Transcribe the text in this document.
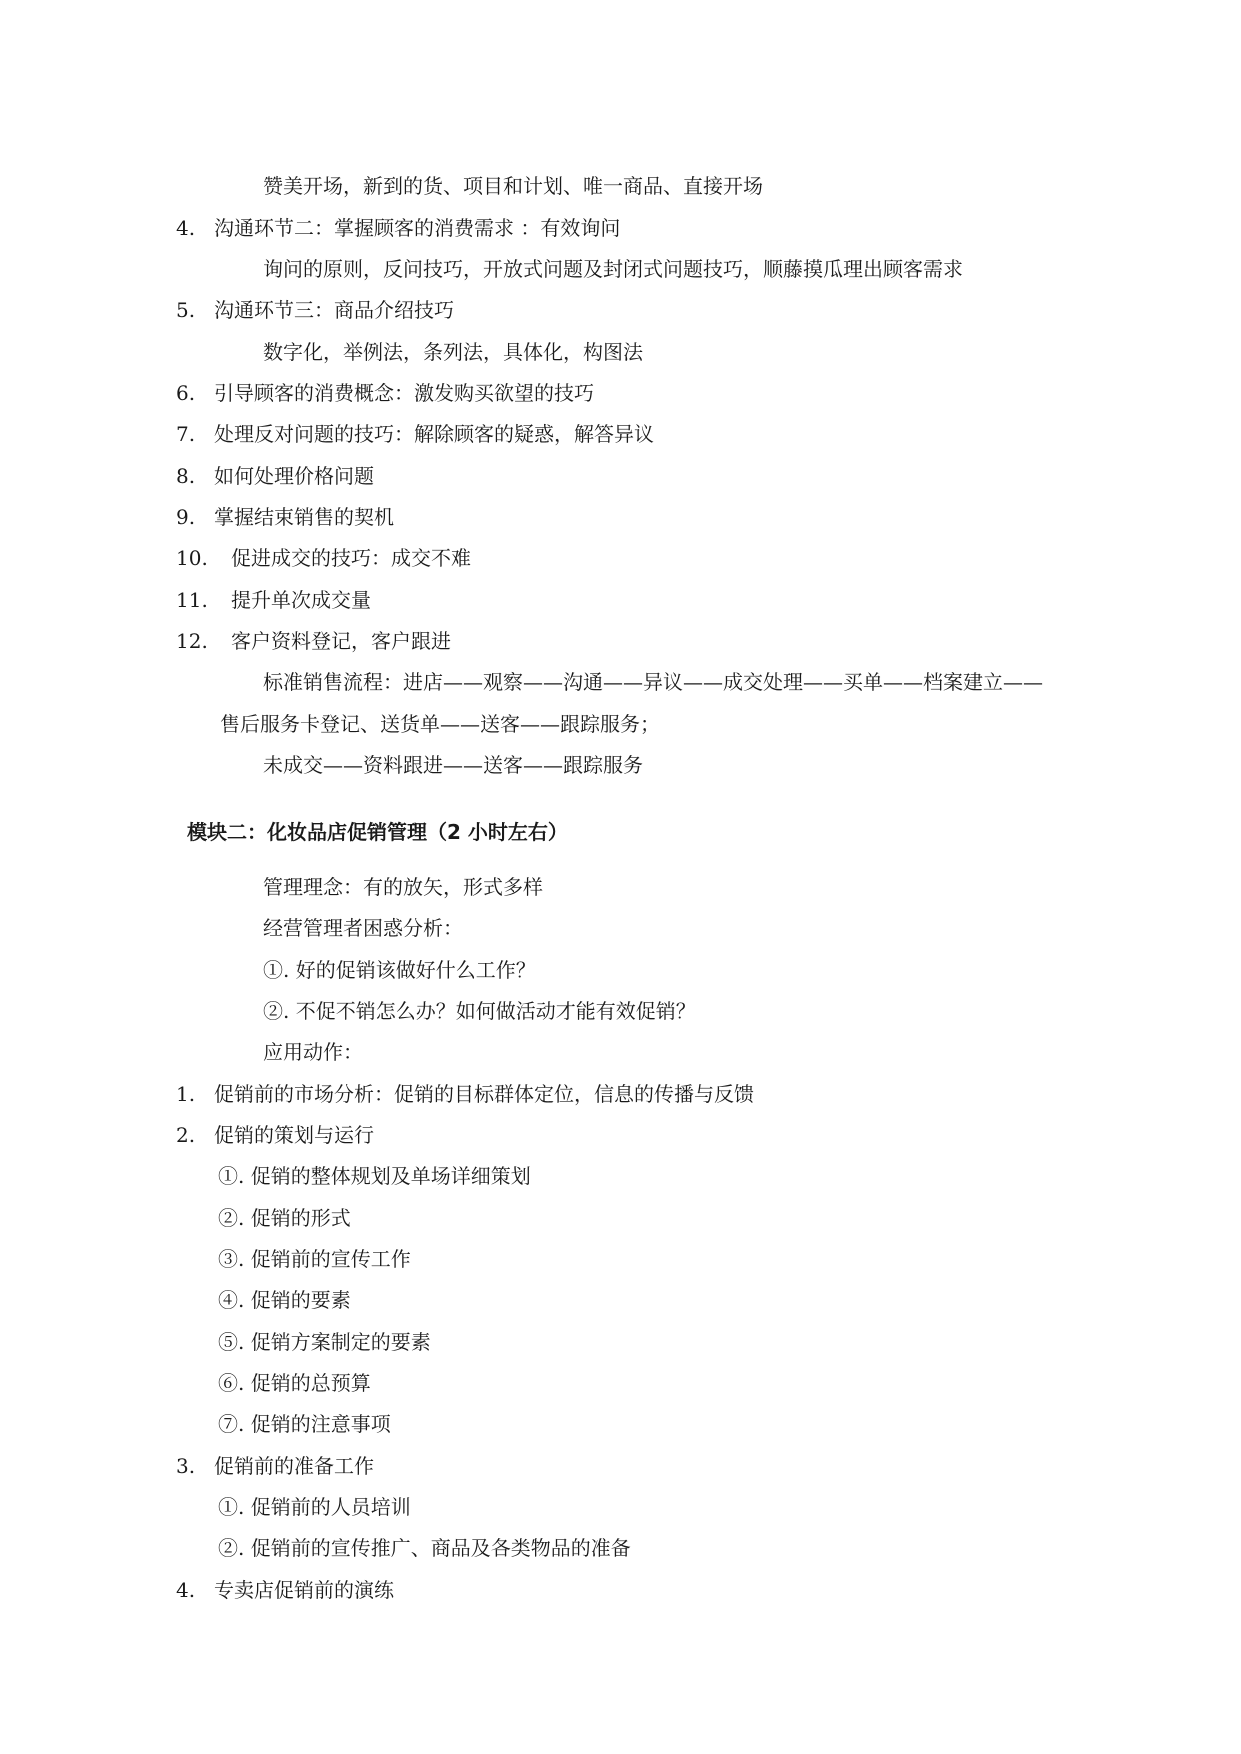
赞美开场，新到的货、项目和计划、唯一商品、直接开场
4. 沟通环节二：掌握顾客的消费需求 ：有效询问
询问的原则，反问技巧，开放式问题及封闭式问题技巧，顺藤摸瓜理出顾客需求
5. 沟通环节三：商品介绍技巧
数字化，举例法，条列法，具体化，构图法
6. 引导顾客的消费概念：激发购买欲望的技巧
7. 处理反对问题的技巧：解除顾客的疑惑，解答异议
8. 如何处理价格问题
9. 掌握结束销售的契机
10. 促进成交的技巧：成交不难
11. 提升单次成交量
12. 客户资料登记，客户跟进
标准销售流程：进店——观察——沟通——异议——成交处理——买单——档案建立——
售后服务卡登记、送货单——送客——跟踪服务；
未成交——资料跟进——送客——跟踪服务
模块二：化妆品店促销管理（2 小时左右）
管理理念：有的放矢，形式多样
经营管理者困惑分析：
①. 好的促销该做好什么工作？
②. 不促不销怎么办？如何做活动才能有效促销？
应用动作：
1. 促销前的市场分析：促销的目标群体定位，信息的传播与反馈
2. 促销的策划与运行
①. 促销的整体规划及单场详细策划
②. 促销的形式
③. 促销前的宣传工作
④. 促销的要素
⑤. 促销方案制定的要素
⑥. 促销的总预算
⑦. 促销的注意事项
3. 促销前的准备工作
①. 促销前的人员培训
②. 促销前的宣传推广、商品及各类物品的准备
4. 专卖店促销前的演练
